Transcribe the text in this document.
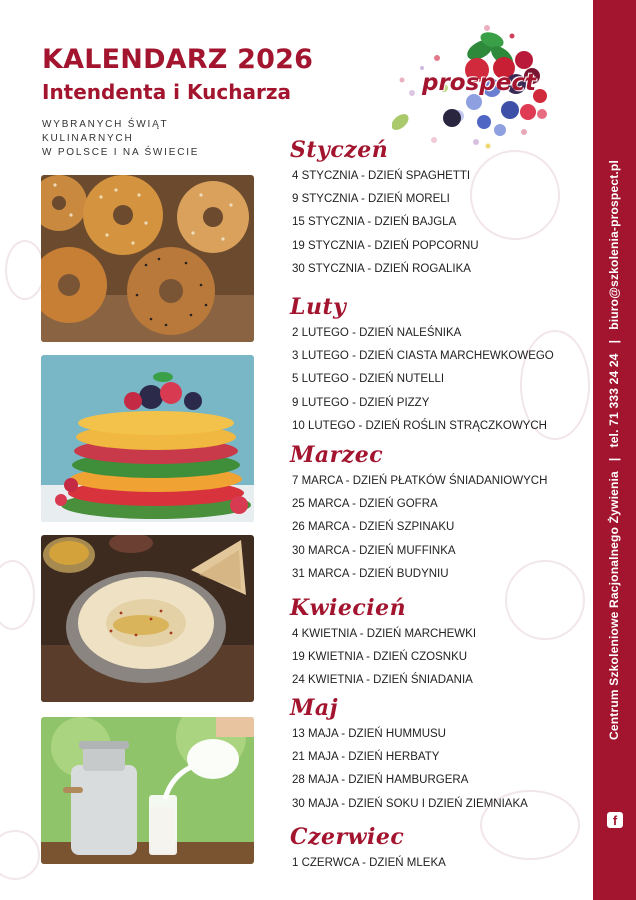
KALENDARZ 2026
Intendenta i Kucharza
WYBRANYCH ŚWIĄT
KULINARNYCH
W POLSCE I NA ŚWIECIE
prospect
Styczeń
4 STYCZNIA - DZIEŃ SPAGHETTI
9 STYCZNIA - DZIEŃ MORELI
15 STYCZNIA - DZIEŃ BAJGLA
19 STYCZNIA - DZIEŃ POPCORNU
30 STYCZNIA - DZIEŃ ROGALIKA
Luty
2 LUTEGO - DZIEŃ NALEŚNIKA
3 LUTEGO - DZIEŃ CIASTA MARCHEWKOWEGO
5 LUTEGO - DZIEŃ NUTELLI
9 LUTEGO - DZIEŃ PIZZY
10 LUTEGO - DZIEŃ ROŚLIN STRĄCZKOWYCH
Marzec
7 MARCA - DZIEŃ PŁATKÓW ŚNIADANIOWYCH
25 MARCA - DZIEŃ GOFRA
26 MARCA - DZIEŃ SZPINAKU
30 MARCA - DZIEŃ MUFFINKA
31 MARCA - DZIEŃ BUDYNIU
Kwiecień
4 KWIETNIA - DZIEŃ MARCHEWKI
19 KWIETNIA - DZIEŃ CZOSNKU
24 KWIETNIA - DZIEŃ ŚNIADANIA
Maj
13 MAJA - DZIEŃ HUMMUSU
21 MAJA - DZIEŃ HERBATY
28 MAJA - DZIEŃ HAMBURGERA
30 MAJA - DZIEŃ SOKU I DZIEŃ ZIEMNIAKA
Czerwiec
1 CZERWCA - DZIEŃ MLEKA
Centrum Szkoleniowe Racjonalnego Żywienia|tel. 71 333 24 24|biuro@szkolenia-prospect.pl
f
